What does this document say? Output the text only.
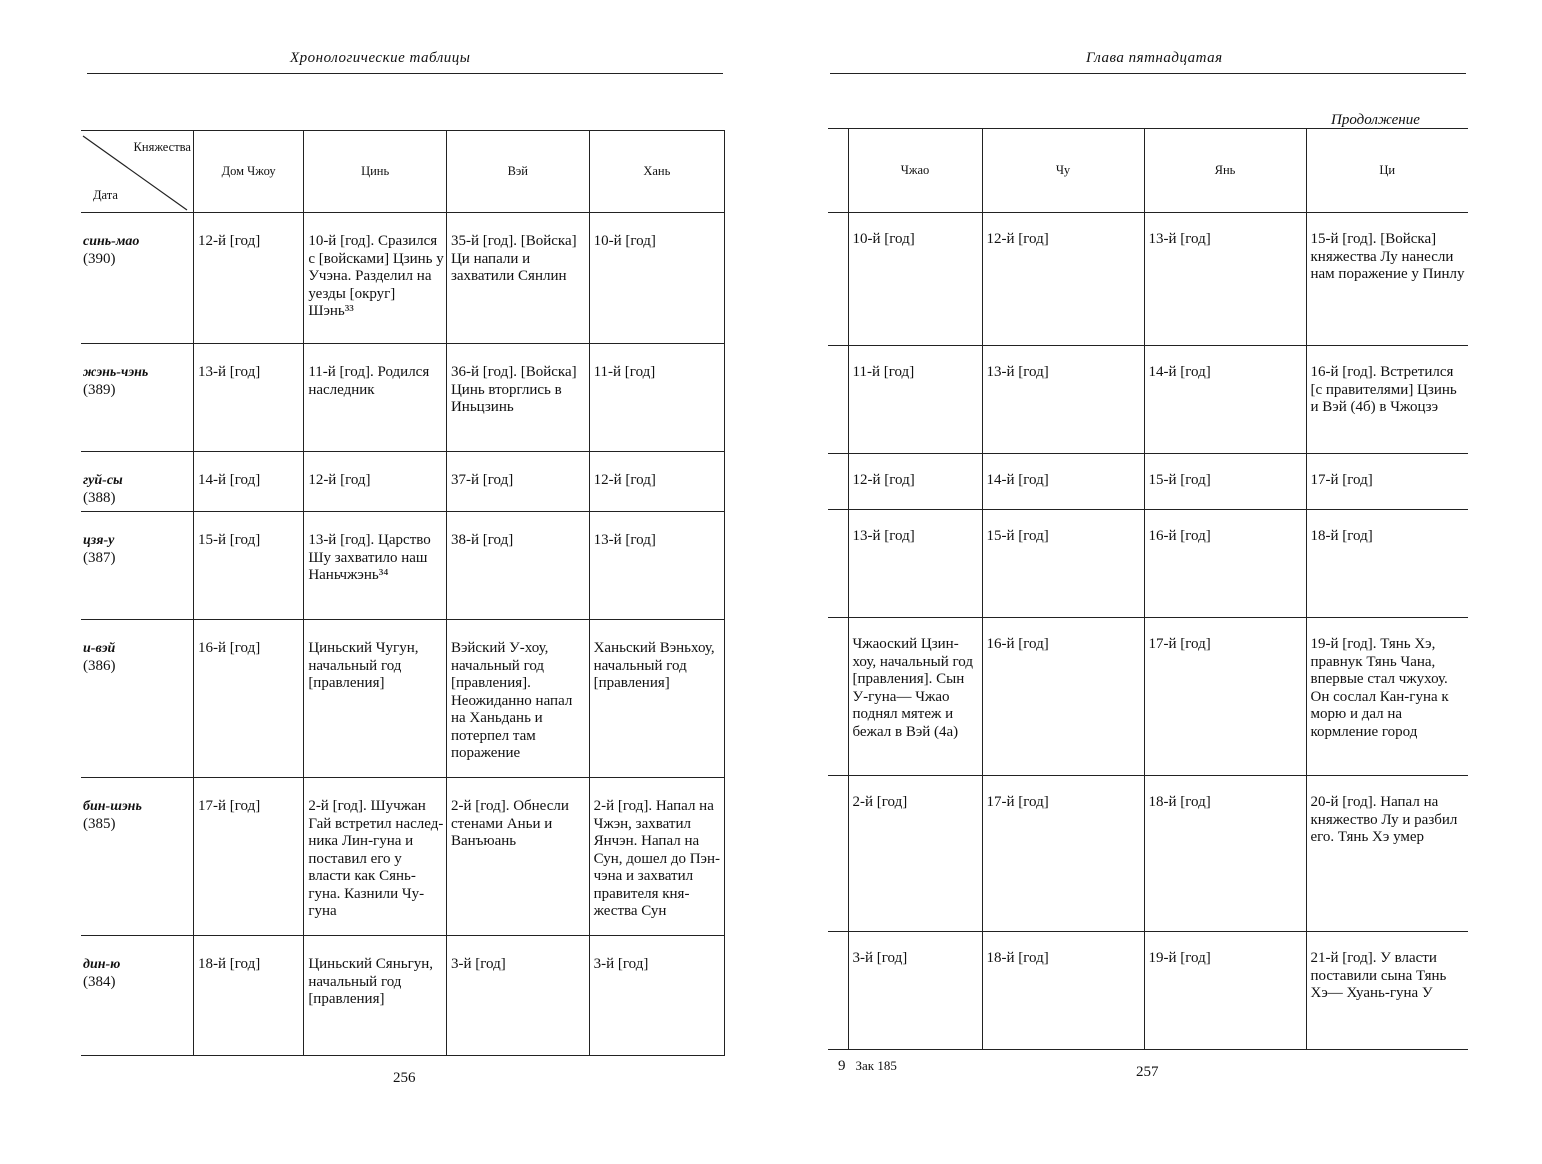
Хронологические таблицы
Княжества
Дата	Дом Чжоу	Цинь	Вэй	Хань

синь-мао
(390)	12-й [год]	10-й [год]. Сразился с [войсками] Цзинь у Учэна. Разделил на уезды [округ] Шэнь³³	35-й [год]. [Войска] Ци напали и захватили Сянлин	10-й [год]

жэнь-чэнь
(389)	13-й [год]	11-й [год]. Родился наследник	36-й [год]. [Войска] Цинь вторглись в Иньцзинь	11-й [год]

гуй-сы
(388)	14-й [год]	12-й [год]	37-й [год]	12-й [год]

цзя-у
(387)	15-й [год]	13-й [год]. Царство Шу захватило наш Наньчжэнь³⁴	38-й [год]	13-й [год]

и-вэй
(386)	16-й [год]	Циньский Чугун, начальный год [правления]	Вэйский У-хоу, начальный год [правления]. Неожиданно напал на Ханьдань и потерпел там поражение	Ханьский Вэньхоу, начальный год [правления]

бин-шэнь
(385)	17-й [год]	2-й [год]. Шучжан Гай встретил наследника Лин-гуна и поставил его у власти как Сянь-гуна. Казнили Чу-гуна	2-й [год]. Обнесли стенами Аньи и Ванъюань	2-й [год]. Напал на Чжэн, захватил Янчэн. Напал на Сун, дошел до Пэнчэна и захватил правителя княжества Сун

дин-ю
(384)	18-й [год]	Циньский Сяньгун, начальный год [правления]	3-й [год]	3-й [год]
256
Глава пятнадцатая
Продолжение
	Чжао	Чу	Янь	Ци
	10-й [год]	12-й [год]	13-й [год]	15-й [год]. [Войска] княжества Лу нанесли нам поражение у Пинлу
	11-й [год]	13-й [год]	14-й [год]	16-й [год]. Встретился [с правителями] Цзинь и Вэй (4б) в Чжоцзэ
	12-й [год]	14-й [год]	15-й [год]	17-й [год]
	13-й [год]	15-й [год]	16-й [год]	18-й [год]
	Чжаоский Цзин-хоу, начальный год [правления]. Сын У-гуна— Чжао поднял мятеж и бежал в Вэй (4а)	16-й [год]	17-й [год]	19-й [год]. Тянь Хэ, правнук Тянь Чана, впервые стал чжухоу. Он сослал Кан-гуна к морю и дал на кормление город
	2-й [год]	17-й [год]	18-й [год]	20-й [год]. Напал на княжество Лу и разбил его. Тянь Хэ умер
	3-й [год]	18-й [год]	19-й [год]	21-й [год]. У власти поставили сына Тянь Хэ— Хуань-гуна У
9 Зак 185	257
